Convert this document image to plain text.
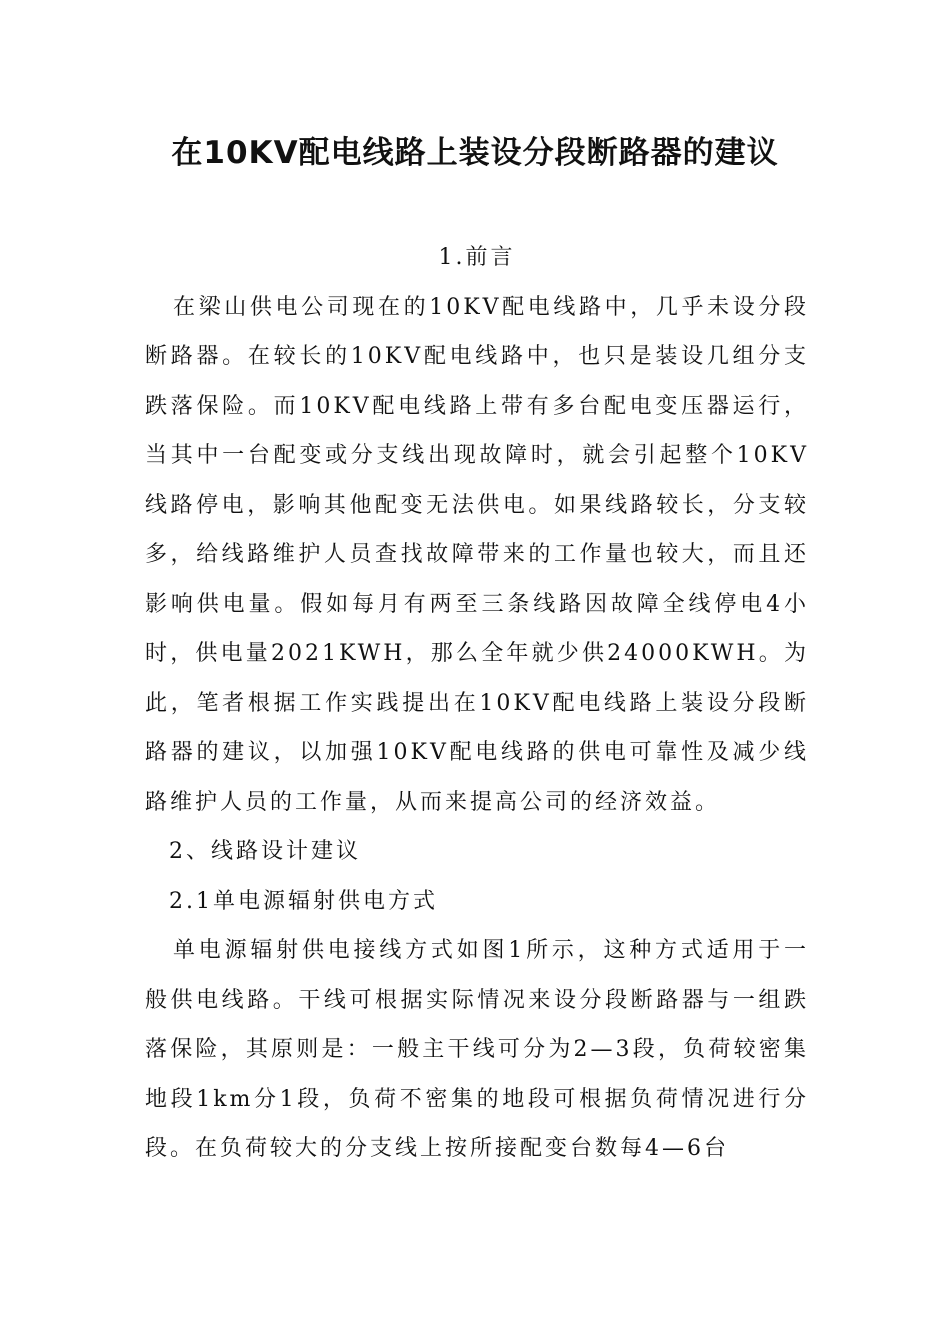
在10KV配电线路上装设分段断路器的建议

1.前言

在梁山供电公司现在的10KV配电线路中，几乎未设分段断路器。在较长的10KV配电线路中，也只是装设几组分支跌落保险。而10KV配电线路上带有多台配电变压器运行，当其中一台配变或分支线出现故障时，就会引起整个10KV线路停电，影响其他配变无法供电。如果线路较长，分支较多，给线路维护人员查找故障带来的工作量也较大，而且还影响供电量。假如每月有两至三条线路因故障全线停电4小时，供电量2021KWH，那么全年就少供24000KWH。为此，笔者根据工作实践提出在10KV配电线路上装设分段断路器的建议，以加强10KV配电线路的供电可靠性及减少线路维护人员的工作量，从而来提高公司的经济效益。

2、线路设计建议

2.1单电源辐射供电方式

单电源辐射供电接线方式如图1所示，这种方式适用于一般供电线路。干线可根据实际情况来设分段断路器与一组跌落保险，其原则是：一般主干线可分为2—3段，负荷较密集地段1km分1段，负荷不密集的地段可根据负荷情况进行分段。在负荷较大的分支线上按所接配变台数每4—6台
